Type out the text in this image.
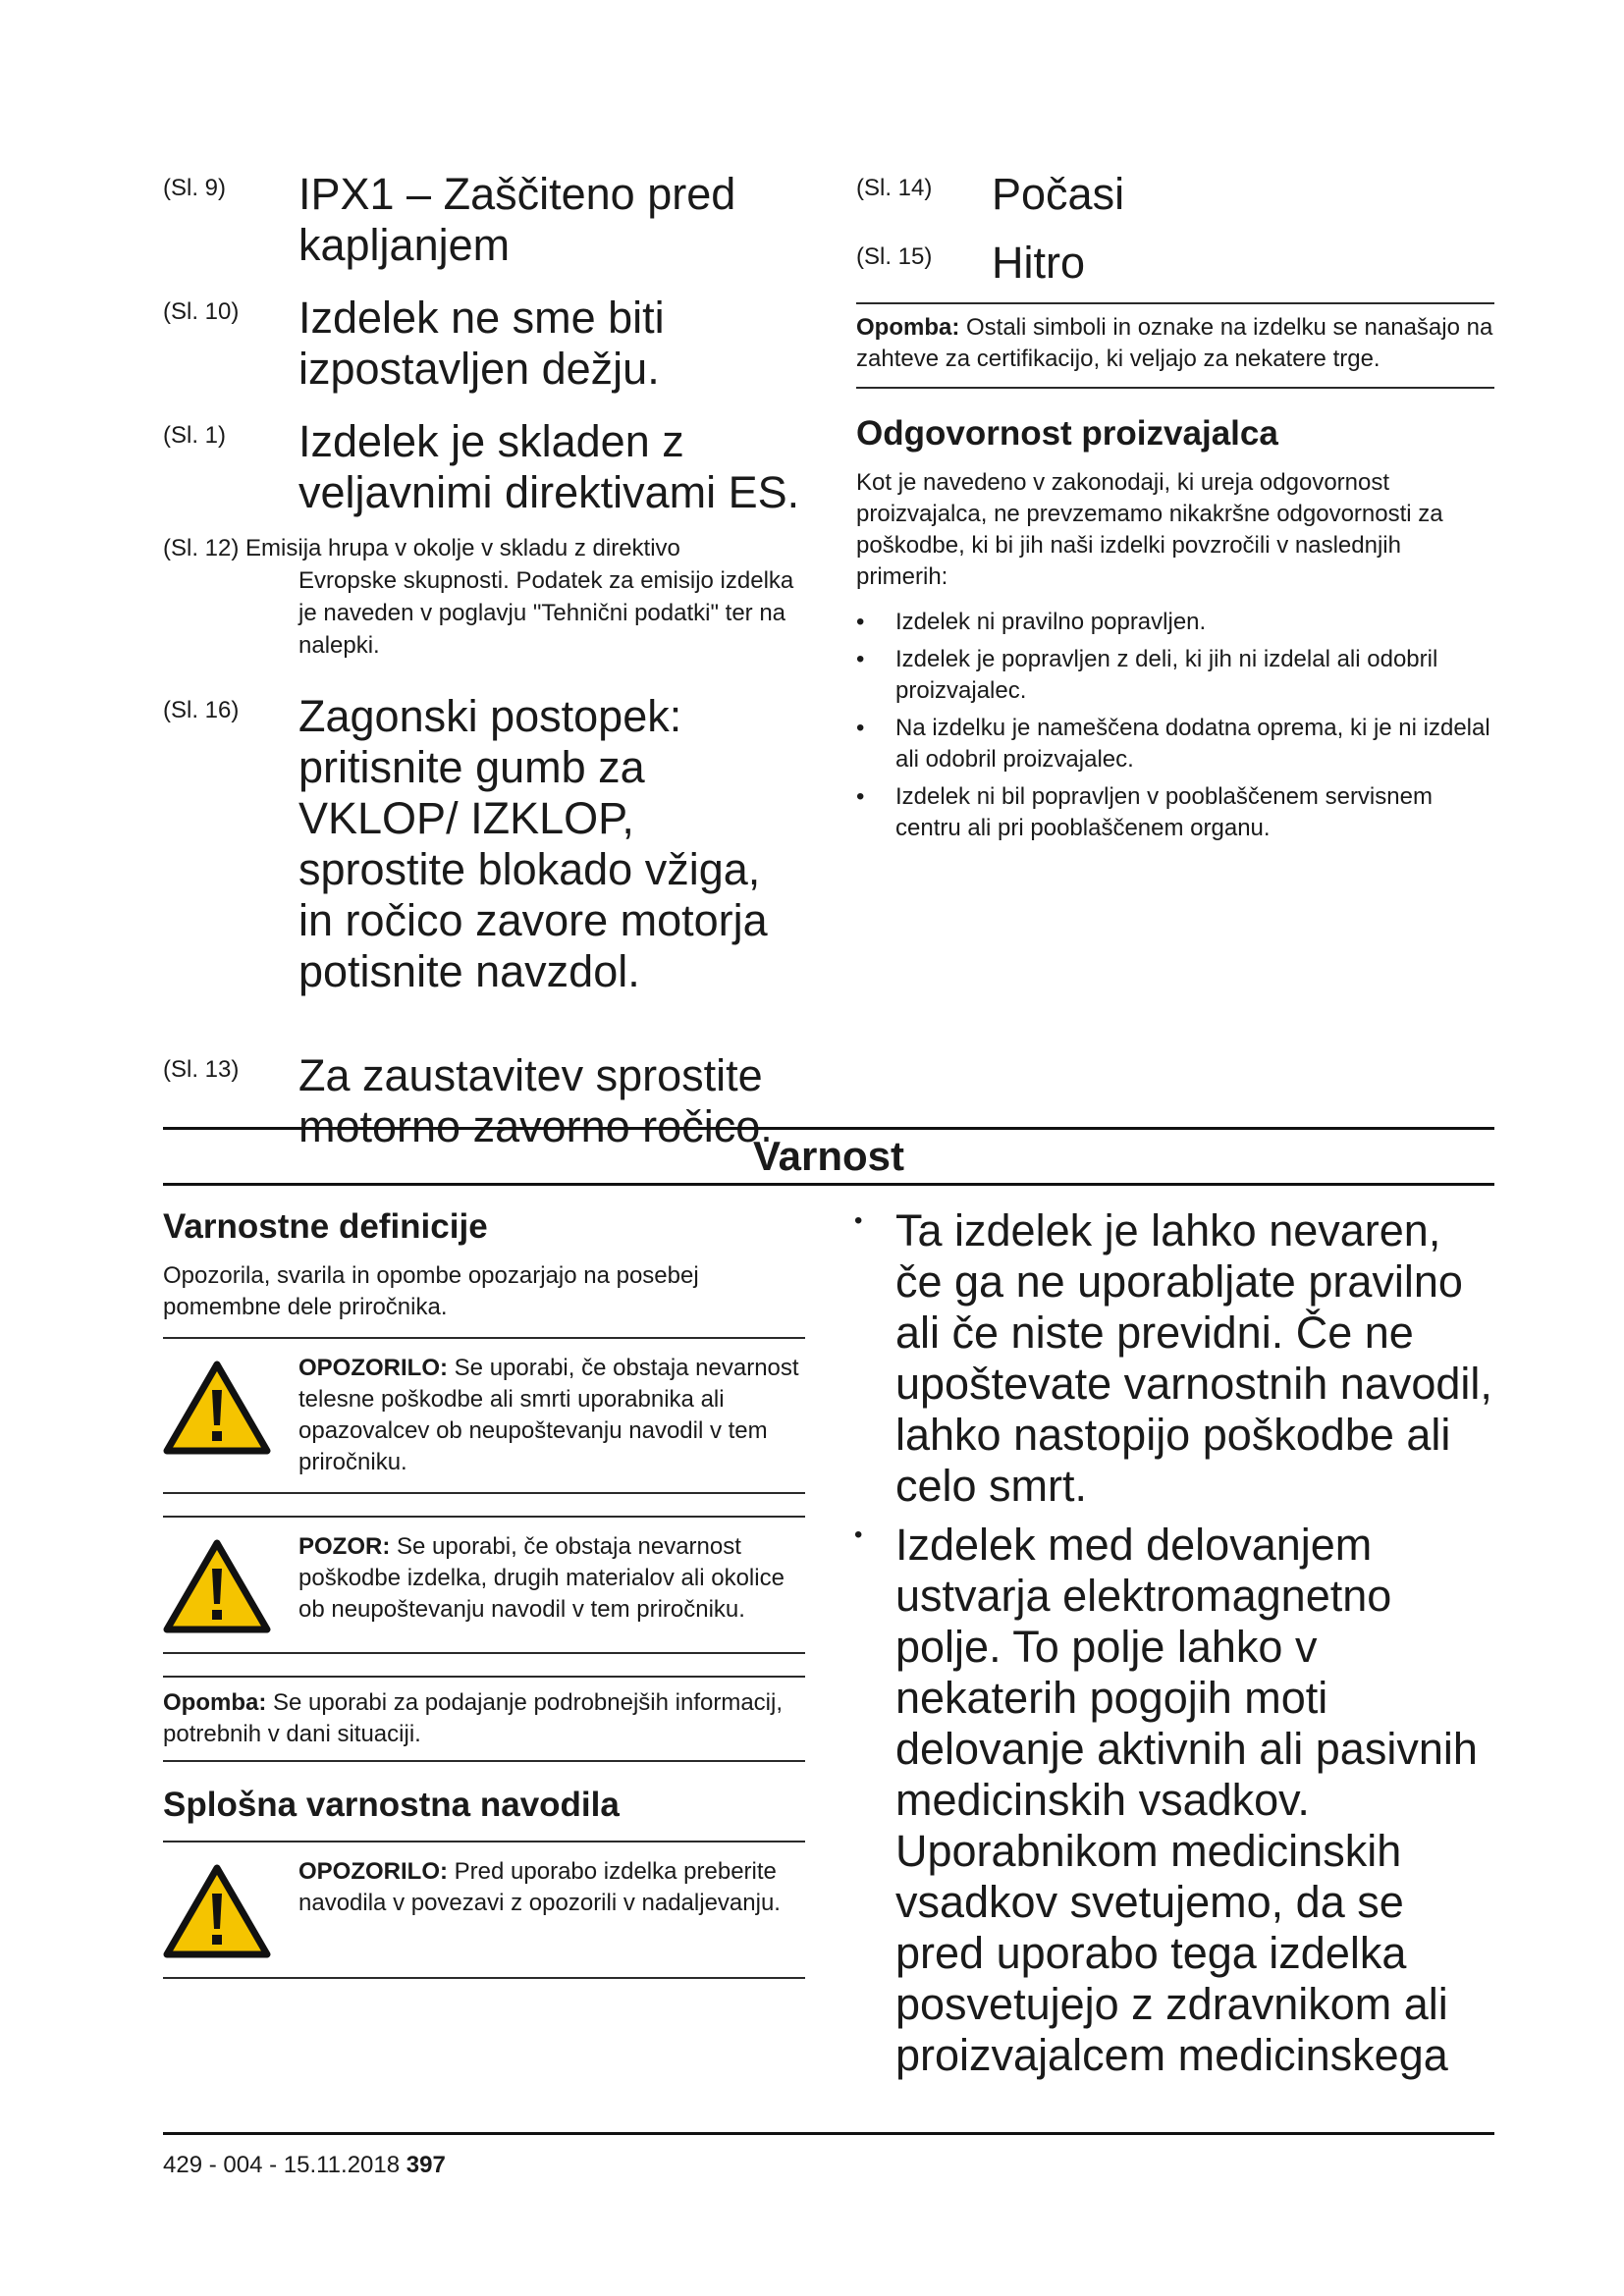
(Sl. 9)	IPX1 – Zaščiteno pred kapljanjem
(Sl. 10)	Izdelek ne sme biti izpostavljen dežju.
(Sl. 1)	Izdelek je skladen z veljavnimi direktivami ES.
(Sl. 12) Emisija hrupa v okolje v skladu z direktivo
Evropske skupnosti. Podatek za emisijo izdelka je naveden v poglavju "Tehnični podatki" ter na nalepki.
(Sl. 16)	Zagonski postopek: pritisnite gumb za VKLOP/ IZKLOP, sprostite blokado vžiga, in ročico zavore motorja potisnite navzdol.
(Sl. 13)	Za zaustavitev sprostite motorno zavorno ročico.
(Sl. 14)	Počasi
(Sl. 15)	Hitro
Opomba: Ostali simboli in oznake na izdelku se nanašajo na zahteve za certifikacijo, ki veljajo za nekatere trge.
Odgovornost proizvajalca
Kot je navedeno v zakonodaji, ki ureja odgovornost proizvajalca, ne prevzemamo nikakršne odgovornosti za poškodbe, ki bi jih naši izdelki povzročili v naslednjih primerih:
•	Izdelek ni pravilno popravljen.
•	Izdelek je popravljen z deli, ki jih ni izdelal ali odobril proizvajalec.
•	Na izdelku je nameščena dodatna oprema, ki je ni izdelal ali odobril proizvajalec.
•	Izdelek ni bil popravljen v pooblaščenem servisnem centru ali pri pooblaščenem organu.
Varnost
Varnostne definicije
Opozorila, svarila in opombe opozarjajo na posebej pomembne dele priročnika.
OPOZORILO: Se uporabi, če obstaja nevarnost telesne poškodbe ali smrti uporabnika ali opazovalcev ob neupoštevanju navodil v tem priročniku.
POZOR: Se uporabi, če obstaja nevarnost poškodbe izdelka, drugih materialov ali okolice ob neupoštevanju navodil v tem priročniku.
Opomba: Se uporabi za podajanje podrobnejših informacij, potrebnih v dani situaciji.
Splošna varnostna navodila
OPOZORILO: Pred uporabo izdelka preberite navodila v povezavi z opozorili v nadaljevanju.
• Ta izdelek je lahko nevaren, če ga ne uporabljate pravilno ali če niste previdni. Če ne upoštevate varnostnih navodil, lahko nastopijo poškodbe ali celo smrt.
• Izdelek med delovanjem ustvarja elektromagnetno polje. To polje lahko v nekaterih pogojih moti delovanje aktivnih ali pasivnih medicinskih vsadkov. Uporabnikom medicinskih vsadkov svetujemo, da se pred uporabo tega izdelka posvetujejo z zdravnikom ali proizvajalcem medicinskega
429 - 004 - 15.11.2018 397
